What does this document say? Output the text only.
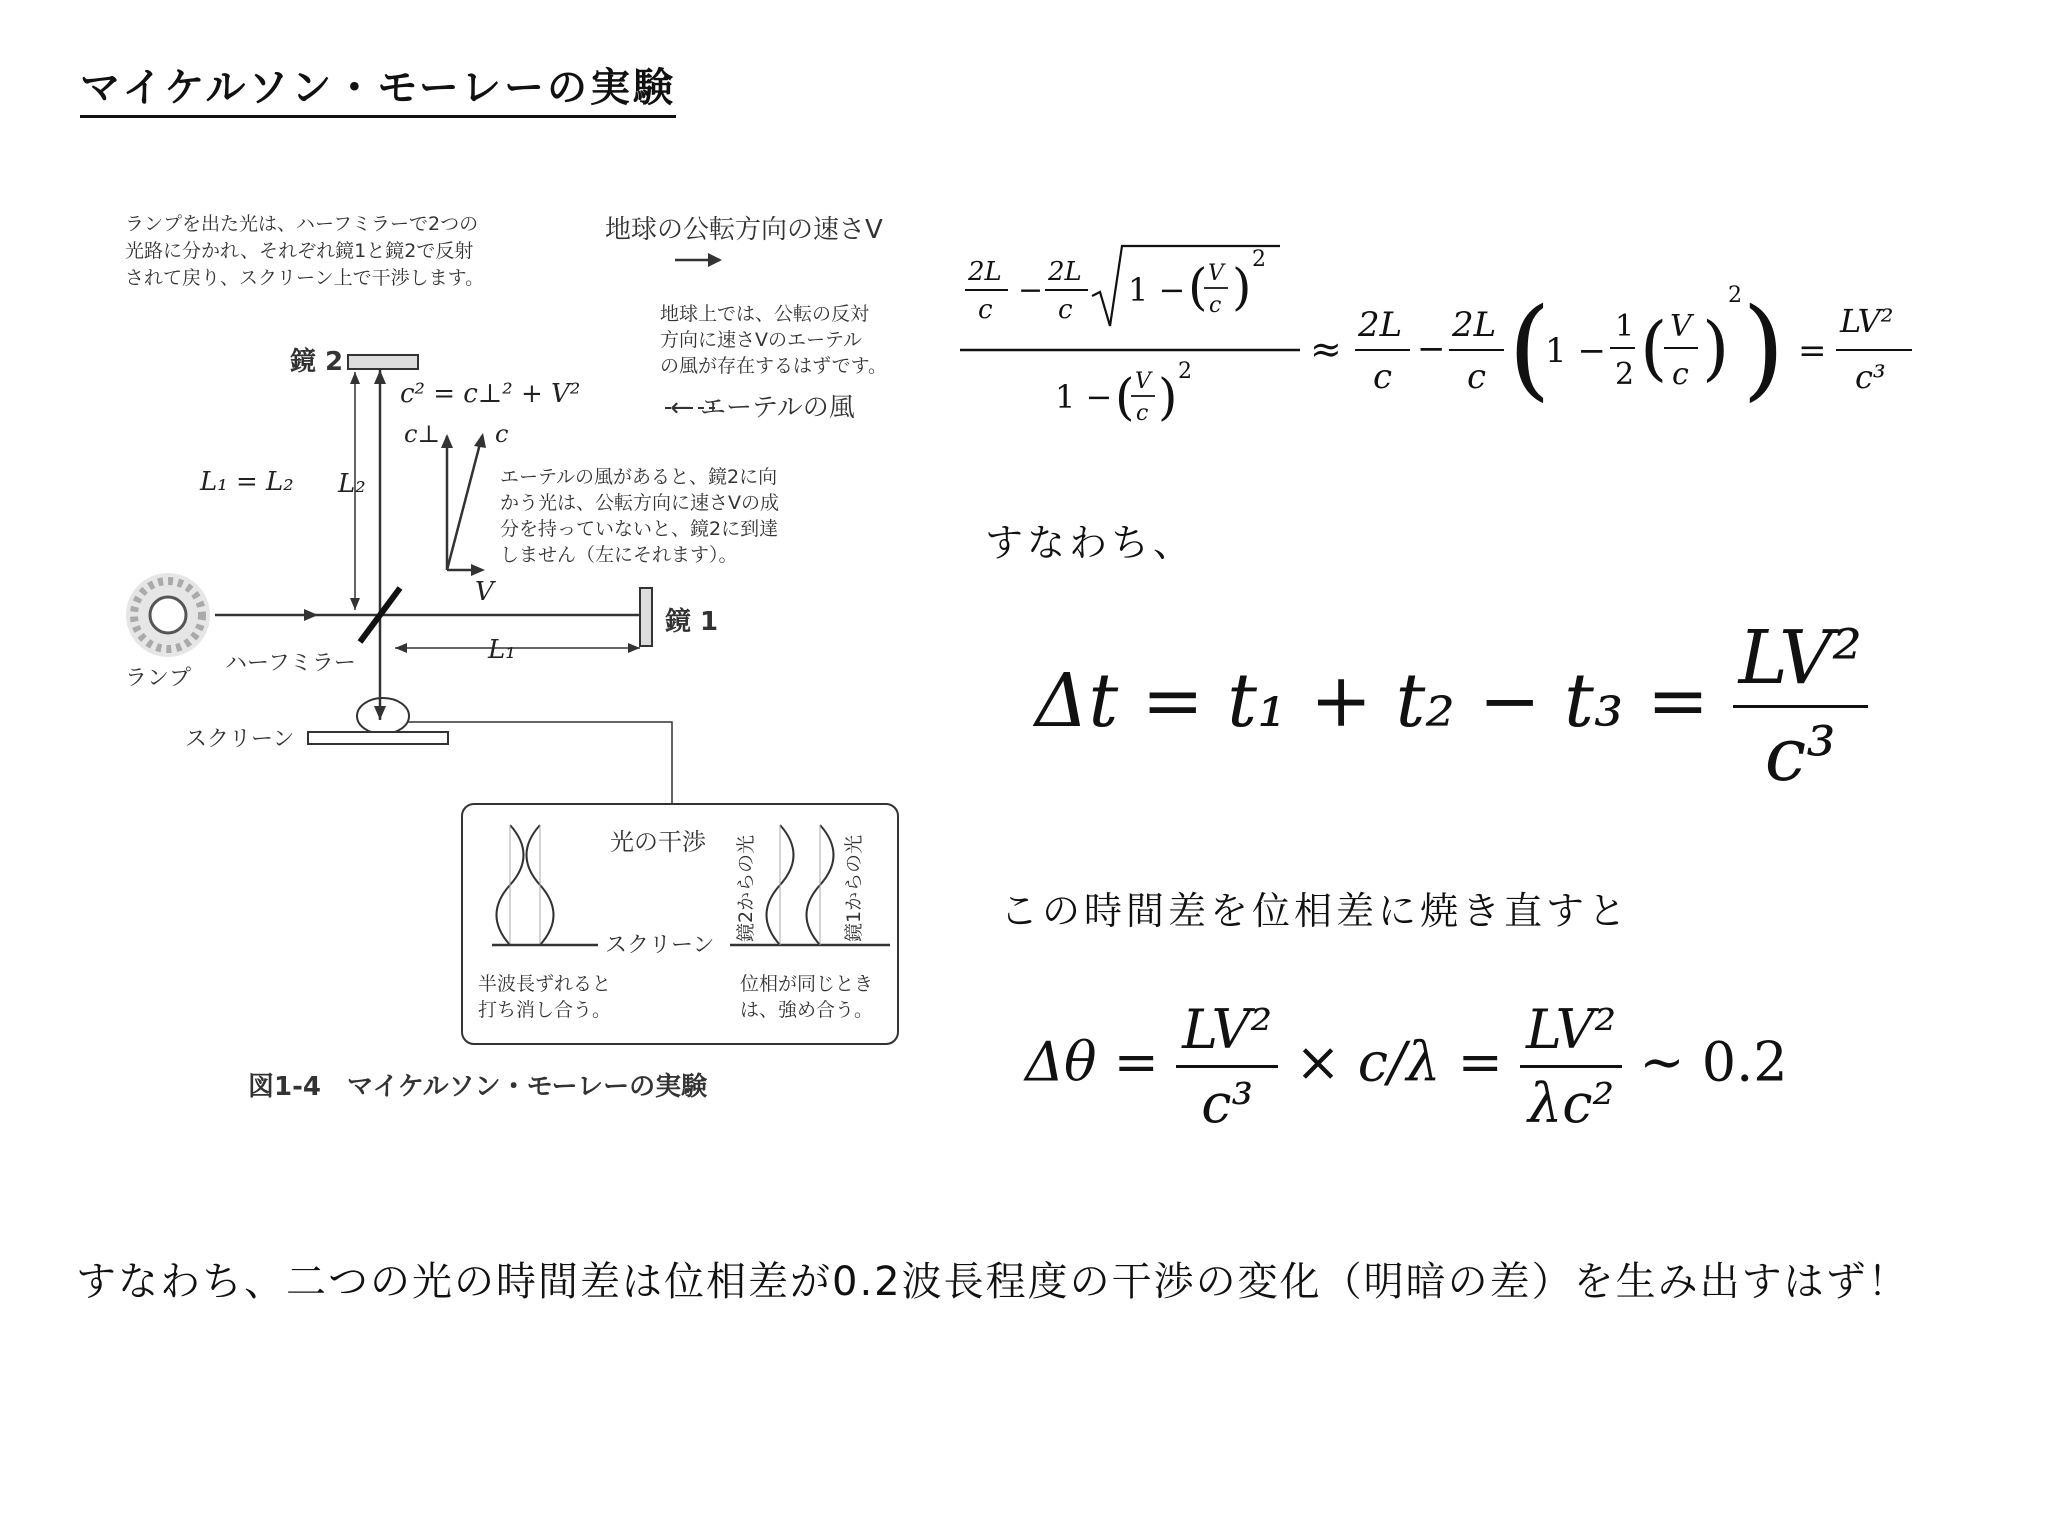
マイケルソン・モーレーの実験
ランプを出た光は、ハーフミラーで2つの
光路に分かれ、それぞれ鏡1と鏡2で反射
されて戻り、スクリーン上で干渉します。
地球の公転方向の速さV
地球上では、公転の反対
方向に速さVのエーテル
の風が存在するはずです。
← エーテルの風
鏡 2
L₂
L₁ = L₂
c² = c⊥² + V²
c⊥ c
V
エーテルの風があると、鏡2に向
かう光は、公転方向に速さVの成
分を持っていないと、鏡2に到達
しません（左にそれます）。
ランプ
鏡 1
ハーフミラー	L₁
スクリーン
光の干渉
スクリーン
鏡2からの光	鏡1からの光
半波長ずれると
打ち消し合う。
位相が同じとき
は、強め合う。
図1-4　マイケルソン・モーレーの実験
2L
c
−
2L
c
1 − ( V
c ) 2
1 − ( V
c ) 2
≈
2L
c
−
2L
c (
1 −
1
2 ( V
c )
2 ) =
LV²
c³
すなわち、
$\Delta t = t_1 + t_2 - t_3 = \frac{\text{LV²}}{\text{c³}}$
この時間差を位相差に焼き直すと
$\Delta\theta = \frac{\text{LV²}}{\text{c³}} \times c/\lambda = \frac{\text{LV²}}{\text{λc²}}$ ∼ 0.2
すなわち、二つの光の時間差は位相差が0.2波長程度の干渉の変化（明暗の差）を生み出すはず！
